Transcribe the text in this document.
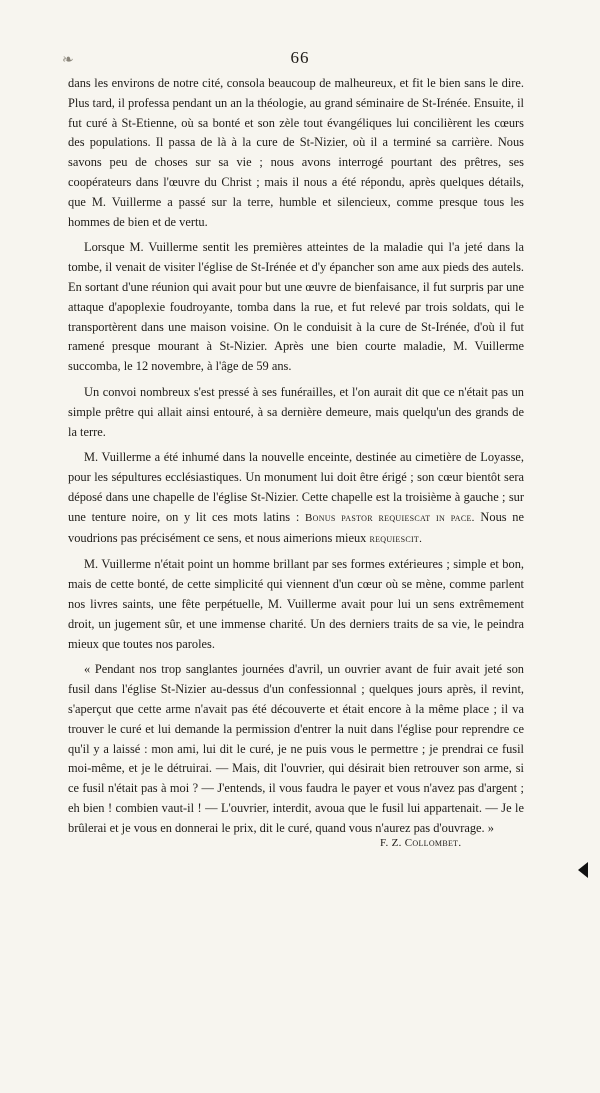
❧	66

dans les environs de notre cité, consola beaucoup de malheureux, et fit le bien sans le dire. Plus tard, il professa pendant un an la théologie, au grand séminaire de St-Irénée. Ensuite, il fut curé à St-Etienne, où sa bonté et son zèle tout évangéliques lui concilièrent les cœurs des populations. Il passa de là à la cure de St-Nizier, où il a terminé sa carrière. Nous savons peu de choses sur sa vie ; nous avons interrogé pourtant des prêtres, ses coopérateurs dans l'œuvre du Christ ; mais il nous a été répondu, après quelques détails, que M. Vuillerme a passé sur la terre, humble et silencieux, comme presque tous les hommes de bien et de vertu.

Lorsque M. Vuillerme sentit les premières atteintes de la maladie qui l'a jeté dans la tombe, il venait de visiter l'église de St-Irénée et d'y épancher son ame aux pieds des autels. En sortant d'une réunion qui avait pour but une œuvre de bienfaisance, il fut surpris par une attaque d'apoplexie foudroyante, tomba dans la rue, et fut relevé par trois soldats, qui le transportèrent dans une maison voisine. On le conduisit à la cure de St-Irénée, d'où il fut ramené presque mourant à St-Nizier. Après une bien courte maladie, M. Vuillerme succomba, le 12 novembre, à l'âge de 59 ans.

Un convoi nombreux s'est pressé à ses funérailles, et l'on aurait dit que ce n'était pas un simple prêtre qui allait ainsi entouré, à sa dernière demeure, mais quelqu'un des grands de la terre.

M. Vuillerme a été inhumé dans la nouvelle enceinte, destinée au cimetière de Loyasse, pour les sépultures ecclésiastiques. Un monument lui doit être érigé ; son cœur bientôt sera déposé dans une chapelle de l'église St-Nizier. Cette chapelle est la troisième à gauche ; sur une tenture noire, on y lit ces mots latins : Bonus pastor requiescat in pace. Nous ne voudrions pas précisément ce sens, et nous aimerions mieux requiescit.

M. Vuillerme n'était point un homme brillant par ses formes extérieures ; simple et bon, mais de cette bonté, de cette simplicité qui viennent d'un cœur où se mène, comme parlent nos livres saints, une fête perpétuelle, M. Vuillerme avait pour lui un sens extrêmement droit, un jugement sûr, et une immense charité. Un des derniers traits de sa vie, le peindra mieux que toutes nos paroles.

« Pendant nos trop sanglantes journées d'avril, un ouvrier avant de fuir avait jeté son fusil dans l'église St-Nizier au-dessus d'un confessionnal ; quelques jours après, il revint, s'aperçut que cette arme n'avait pas été découverte et était encore à la même place ; il va trouver le curé et lui demande la permission d'entrer la nuit dans l'église pour reprendre ce qu'il y a laissé : mon ami, lui dit le curé, je ne puis vous le permettre ; je prendrai ce fusil moi-même, et je le détruirai. — Mais, dit l'ouvrier, qui désirait bien retrouver son arme, si ce fusil n'était pas à moi ? — J'entends, il vous faudra le payer et vous n'avez pas d'argent ; eh bien ! combien vaut-il ! — L'ouvrier, interdit, avoua que le fusil lui appartenait. — Je le brûlerai et je vous en donnerai le prix, dit le curé, quand vous n'aurez pas d'ouvrage. »

F. Z. Collombet.
